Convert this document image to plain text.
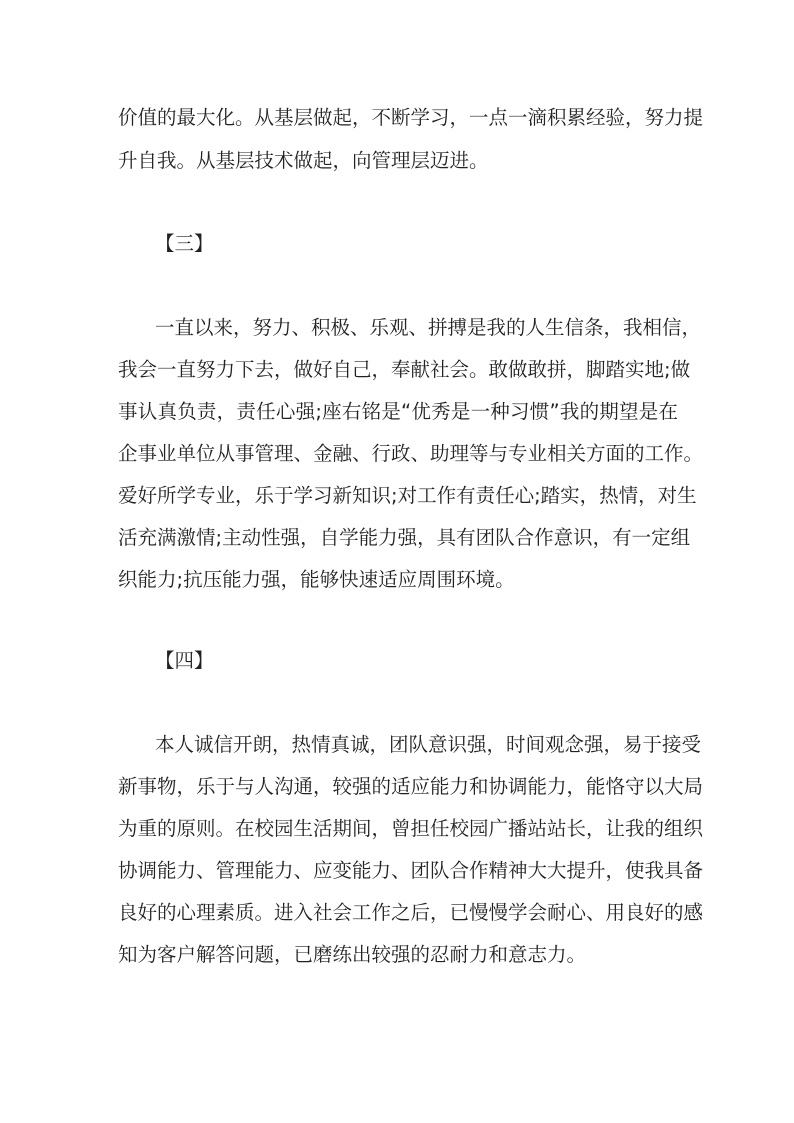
价值的最大化。从基层做起，不断学习，一点一滴积累经验，努力提
升自我。从基层技术做起，向管理层迈进。
【三】
一直以来，努力、积极、乐观、拼搏是我的人生信条，我相信，
我会一直努力下去，做好自己，奉献社会。敢做敢拼，脚踏实地;做
事认真负责，责任心强;座右铭是“优秀是一种习惯”我的期望是在
企事业单位从事管理、金融、行政、助理等与专业相关方面的工作。
爱好所学专业，乐于学习新知识;对工作有责任心;踏实，热情，对生
活充满激情;主动性强，自学能力强，具有团队合作意识，有一定组
织能力;抗压能力强，能够快速适应周围环境。
【四】
本人诚信开朗，热情真诚，团队意识强，时间观念强，易于接受
新事物，乐于与人沟通，较强的适应能力和协调能力，能恪守以大局
为重的原则。在校园生活期间，曾担任校园广播站站长，让我的组织
协调能力、管理能力、应变能力、团队合作精神大大提升，使我具备
良好的心理素质。进入社会工作之后，已慢慢学会耐心、用良好的感
知为客户解答问题，已磨练出较强的忍耐力和意志力。
